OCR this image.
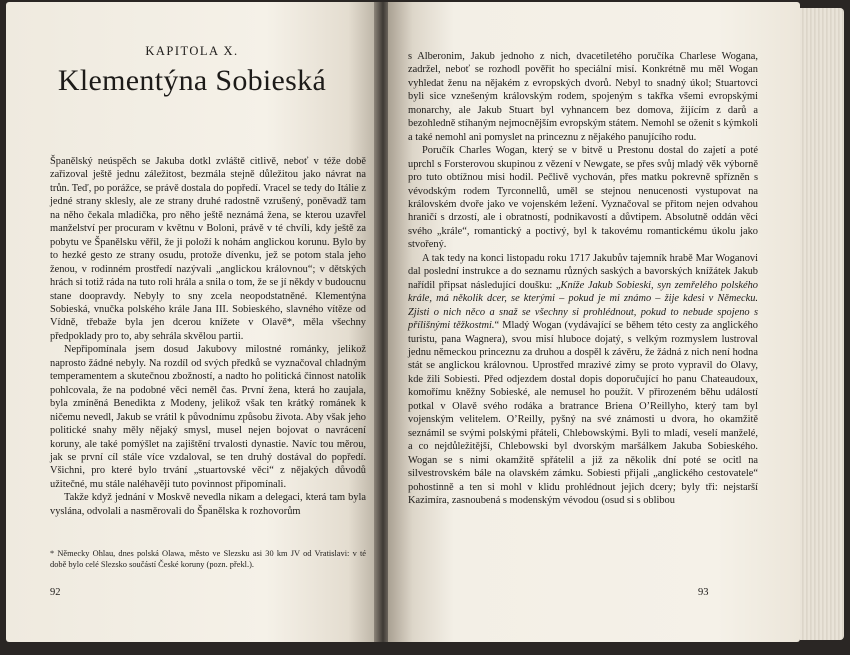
KAPITOLA X.
Klementýna Sobieská

Španělský neúspěch se Jakuba dotkl zvláště citlivě, neboť v téže době zařizoval ještě jednu záležitost, bezmála stejně důležitou jako návrat na trůn. Teď, po porážce, se právě dostala do popředí. Vracel se tedy do Itálie z jedné strany sklesly, ale ze strany druhé radostně vzrušený, poněvadž tam na něho čekala mladička, pro něho ještě neznámá žena, se kterou uzavřel manželství per procuram v květnu v Boloni, právě v té chvíli, kdy ještě za pobytu ve Španělsku věřil, že ji položí k nohám anglickou korunu. Bylo by to hezké gesto ze strany osudu, protože dívenku, jež se potom stala jeho ženou, v rodinném prostředí nazývali „anglickou královnou“; v dětských hrách si totiž ráda na tuto roli hrála a snila o tom, že se jí někdy v budoucnu stane doopravdy. Nebyly to sny zcela neopodstatněné. Klementýna Sobieská, vnučka polského krále Jana III. Sobieského, slavného vítěze od Vídně, třebaže byla jen dcerou knížete v Olavě*, měla všechny předpoklady pro to, aby sehrála skvělou partii.

Nepřipomínala jsem dosud Jakubovy milostné románky, jelikož naprosto žádné nebyly. Na rozdíl od svých předků se vyznačoval chladným temperamentem a skutečnou zbožností, a nadto ho politická činnost natolik pohlcovala, že na podobné věci neměl čas. První žena, která ho zaujala, byla zmíněná Benediktа z Modeny, jelikož však ten krátký románek k ničemu nevedl, Jakub se vrátil k původnímu způsobu života. Aby však jeho politické snahy měly nějaký smysl, musel nejen bojovat o navrácení koruny, ale také pomýšlet na zajištění trvalosti dynastie. Navíc tou měrou, jak se první cíl stále více vzdaloval, se ten druhý dostával do popředí. Všichni, pro které bylo trvání „stuartovské věci“ z nějakých důvodů užitečné, mu stále naléhavěji tuto povinnost připomínali.

Takže když jednání v Moskvě nevedla nikam a delegaci, která tam byla vyslána, odvolali a nasměrovali do Španělska k rozhovorům

* Německy Ohlau, dnes polská Olawa, město ve Slezsku asi 30 km JV od Vratislavi: v té době bylo celé Slezsko součástí České koruny (pozn. překl.).
92

s Alberonim, Jakub jednoho z nich, dvacetiletého poručíka Charlese Wogana, zadržel, neboť se rozhodl pověřit ho speciální misí. Konkrétně mu měl Wogan vyhledat ženu na nějakém z evropských dvorů. Nebyl to snadný úkol; Stuartovci byli sice vznešeným královským rodem, spojeným s takřka všemi evropskými monarchy, ale Jakub Stuart byl vyhnancem bez domova, žijícím z darů a bezohledně stíhaným nejmocnějším evropským státem. Nemohl se oženit s kýmkoli a také nemohl ani pomyslet na princeznu z nějakého panujícího rodu.

Poručík Charles Wogan, který se v bitvě u Prestonu dostal do zajetí a poté uprchl s Forsterovou skupinou z vězení v Newgate, se přes svůj mladý věk výborně pro tuto obtížnou misi hodil. Pečlivě vychován, přes matku pokrevně spřízněn s vévodským rodem Tyrconnellů, uměl se stejnou nenucenosti vystupovat na královském dvoře jako ve vojenském ležení. Vyznačoval se přitom nejen odvahou hraničí s drzostí, ale i obratností, podnikavostí a důvtipem. Absolutně oddán věci svého „krále“, romantický a poctivý, byl k takovému romantickému úkolu jako stvořený.

A tak tedy na konci listopadu roku 1717 Jakubův tajemník hrabě Mar Woganovi dal poslední instrukce a do seznamu různých saských a bavorských knížátek Jakub nařídil připsat následující doušku: „Kníže Jakub Sobieski, syn zemřelého polského krále, má několik dcer, se kterými – pokud je mi známo – žije kdesi v Německu. Zjisti o nich něco a snaž se všechny si prohlédnout, pokud to nebude spojeno s přílišnými těžkostmi.“ Mladý Wogan (vydávající se během této cesty za anglického turistu, pana Wagnera), svou misí hluboce dojatý, s velkým rozmyslem lustroval jednu německou princeznu za druhou a dospěl k závěru, že žádná z nich není hodna stát se anglickou královnou. Uprostřed mrazivé zimy se proto vypravil do Olavy, kde žili Sobiesti. Před odjezdem dostal dopis doporučující ho panu Chateaudoux, komořímu kněžny Sobieské, ale nemusel ho použít. V přirozeném běhu událostí potkal v Olavě svého rodáka a bratrance Briena O’Reillyho, který tam byl vojenským velitelem. O’Reilly, pyšný na své známosti u dvora, ho okamžitě seznámil se svými polskými přáteli, Chlebowskými. Byli to mladí, veselí manželé, a co nejdůležitější, Chlebowski byl dvorským maršálkem Jakuba Sobieského. Wogan se s nimi okamžitě spřátelil a již za několik dní poté se ocitl na silvestrovském bále na olavském zámku. Sobiesti přijali „anglického cestovatele“ pohostinně a ten si mohl v klidu prohlédnout jejich dcery; byly tři: nejstarší Kazimíra, zasnoubená s modenským vévodou (osud si s oblibou

93
